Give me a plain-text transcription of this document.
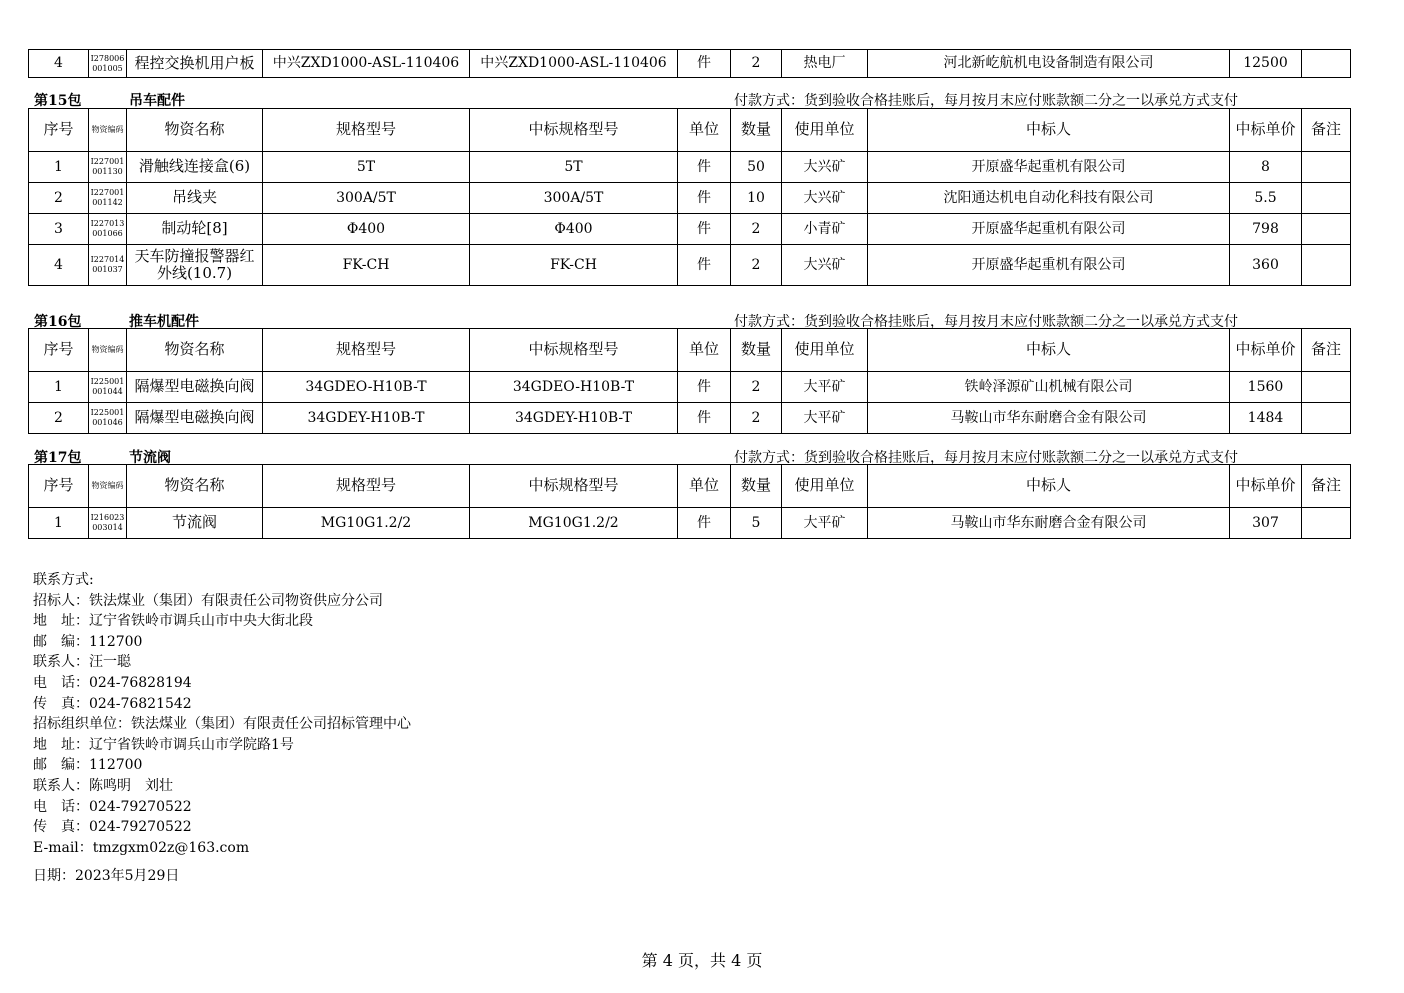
4	I278006001005	程控交换机用户板	中兴ZXD1000-ASL-110406	中兴ZXD1000-ASL-110406	件	2	热电厂	河北新屹航机电设备制造有限公司	12500	
第15包	吊车配件	付款方式：货到验收合格挂账后，每月按月末应付账款额二分之一以承兑方式支付
序号	物资编码	物资名称	规格型号	中标规格型号	单位	数量	使用单位	中标人	中标单价	备注
1	I227001001130	滑触线连接盒(6)	5T	5T	件	50	大兴矿	开原盛华起重机有限公司	8	
2	I227001001142	吊线夹	300A/5T	300A/5T	件	10	大兴矿	沈阳通达机电自动化科技有限公司	5.5	
3	I227013001066	制动轮[8]	Φ400	Φ400	件	2	小青矿	开原盛华起重机有限公司	798	
4	I227014001037	天车防撞报警器红外线(10.7)	FK-CH	FK-CH	件	2	大兴矿	开原盛华起重机有限公司	360	
第16包	推车机配件	付款方式：货到验收合格挂账后，每月按月末应付账款额二分之一以承兑方式支付
序号	物资编码	物资名称	规格型号	中标规格型号	单位	数量	使用单位	中标人	中标单价	备注
1	I225001001044	隔爆型电磁换向阀	34GDEO-H10B-T	34GDEO-H10B-T	件	2	大平矿	铁岭泽源矿山机械有限公司	1560	
2	I225001001046	隔爆型电磁换向阀	34GDEY-H10B-T	34GDEY-H10B-T	件	2	大平矿	马鞍山市华东耐磨合金有限公司	1484	
第17包	节流阀	付款方式：货到验收合格挂账后，每月按月末应付账款额二分之一以承兑方式支付
序号	物资编码	物资名称	规格型号	中标规格型号	单位	数量	使用单位	中标人	中标单价	备注
1	I216023003014	节流阀	MG10G1.2/2	MG10G1.2/2	件	5	大平矿	马鞍山市华东耐磨合金有限公司	307	
联系方式:
招标人：铁法煤业（集团）有限责任公司物资供应分公司
地　址：辽宁省铁岭市调兵山市中央大街北段
邮　编：112700
联系人：汪一聪
电　话：024-76828194
传　真：024-76821542
招标组织单位：铁法煤业（集团）有限责任公司招标管理中心
地　址：辽宁省铁岭市调兵山市学院路1号
邮　编：112700
联系人：陈鸣明　刘壮
电　话：024-79270522
传　真：024-79270522
E-mail：tmzgxm02z@163.com
日期：2023年5月29日
第 4 页，共 4 页
